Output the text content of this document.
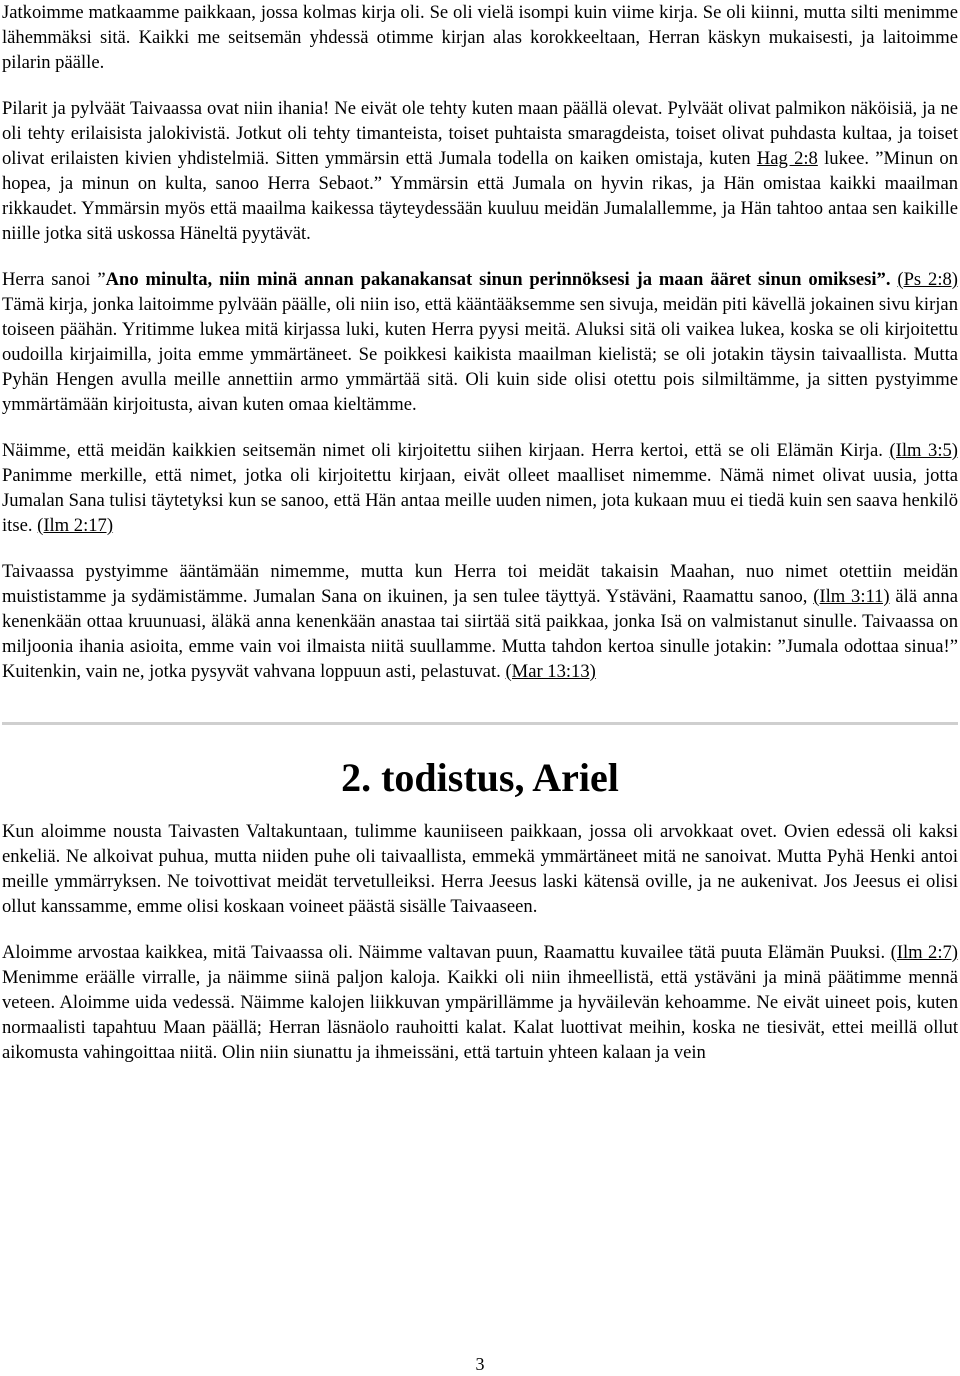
Jatkoimme matkaamme paikkaan, jossa kolmas kirja oli. Se oli vielä isompi kuin viime kirja. Se oli kiinni, mutta silti menimme lähemmäksi sitä. Kaikki me seitsemän yhdessä otimme kirjan alas korokkeeltaan, Herran käskyn mukaisesti, ja laitoimme pilarin päälle.

Pilarit ja pylväät Taivaassa ovat niin ihania! Ne eivät ole tehty kuten maan päällä olevat. Pylväät olivat palmikon näköisiä, ja ne oli tehty erilaisista jalokivistä. Jotkut oli tehty timanteista, toiset puhtaista smaragdeista, toiset olivat puhdasta kultaa, ja toiset olivat erilaisten kivien yhdistelmiä. Sitten ymmärsin että Jumala todella on kaiken omistaja, kuten Hag 2:8 lukee. ”Minun on hopea, ja minun on kulta, sanoo Herra Sebaot.” Ymmärsin että Jumala on hyvin rikas, ja Hän omistaa kaikki maailman rikkaudet. Ymmärsin myös että maailma kaikessa täyteydessään kuuluu meidän Jumalallemme, ja Hän tahtoo antaa sen kaikille niille jotka sitä uskossa Häneltä pyytävät.

Herra sanoi ”Ano minulta, niin minä annan pakanakansat sinun perinnöksesi ja maan ääret sinun omiksesi”. (Ps 2:8) Tämä kirja, jonka laitoimme pylvään päälle, oli niin iso, että kääntääksemme sen sivuja, meidän piti kävellä jokainen sivu kirjan toiseen päähän. Yritimme lukea mitä kirjassa luki, kuten Herra pyysi meitä. Aluksi sitä oli vaikea lukea, koska se oli kirjoitettu oudoilla kirjaimilla, joita emme ymmärtäneet. Se poikkesi kaikista maailman kielistä; se oli jotakin täysin taivaallista. Mutta Pyhän Hengen avulla meille annettiin armo ymmärtää sitä. Oli kuin side olisi otettu pois silmiltämme, ja sitten pystyimme ymmärtämään kirjoitusta, aivan kuten omaa kieltämme.

Näimme, että meidän kaikkien seitsemän nimet oli kirjoitettu siihen kirjaan. Herra kertoi, että se oli Elämän Kirja. (Ilm 3:5) Panimme merkille, että nimet, jotka oli kirjoitettu kirjaan, eivät olleet maalliset nimemme. Nämä nimet olivat uusia, jotta Jumalan Sana tulisi täytetyksi kun se sanoo, että Hän antaa meille uuden nimen, jota kukaan muu ei tiedä kuin sen saava henkilö itse. (Ilm 2:17)

Taivaassa pystyimme ääntämään nimemme, mutta kun Herra toi meidät takaisin Maahan, nuo nimet otettiin meidän muististamme ja sydämistämme. Jumalan Sana on ikuinen, ja sen tulee täyttyä. Ystäväni, Raamattu sanoo, (Ilm 3:11) älä anna kenenkään ottaa kruunuasi, äläkä anna kenenkään anastaa tai siirtää sitä paikkaa, jonka Isä on valmistanut sinulle. Taivaassa on miljoonia ihania asioita, emme vain voi ilmaista niitä suullamme. Mutta tahdon kertoa sinulle jotakin: ”Jumala odottaa sinua!” Kuitenkin, vain ne, jotka pysyvät vahvana loppuun asti, pelastuvat. (Mar 13:13)

2. todistus, Ariel

Kun aloimme nousta Taivasten Valtakuntaan, tulimme kauniiseen paikkaan, jossa oli arvokkaat ovet. Ovien edessä oli kaksi enkeliä. Ne alkoivat puhua, mutta niiden puhe oli taivaallista, emmekä ymmärtäneet mitä ne sanoivat. Mutta Pyhä Henki antoi meille ymmärryksen. Ne toivottivat meidät tervetulleiksi. Herra Jeesus laski kätensä oville, ja ne aukenivat. Jos Jeesus ei olisi ollut kanssamme, emme olisi koskaan voineet päästä sisälle Taivaaseen.

Aloimme arvostaa kaikkea, mitä Taivaassa oli. Näimme valtavan puun, Raamattu kuvailee tätä puuta Elämän Puuksi. (Ilm 2:7) Menimme eräälle virralle, ja näimme siinä paljon kaloja. Kaikki oli niin ihmeellistä, että ystäväni ja minä päätimme mennä veteen. Aloimme uida vedessä. Näimme kalojen liikkuvan ympärillämme ja hyväilevän kehoamme. Ne eivät uineet pois, kuten normaalisti tapahtuu Maan päällä; Herran läsnäolo rauhoitti kalat. Kalat luottivat meihin, koska ne tiesivät, ettei meillä ollut aikomusta vahingoittaa niitä. Olin niin siunattu ja ihmeissäni, että tartuin yhteen kalaan ja vein

3
